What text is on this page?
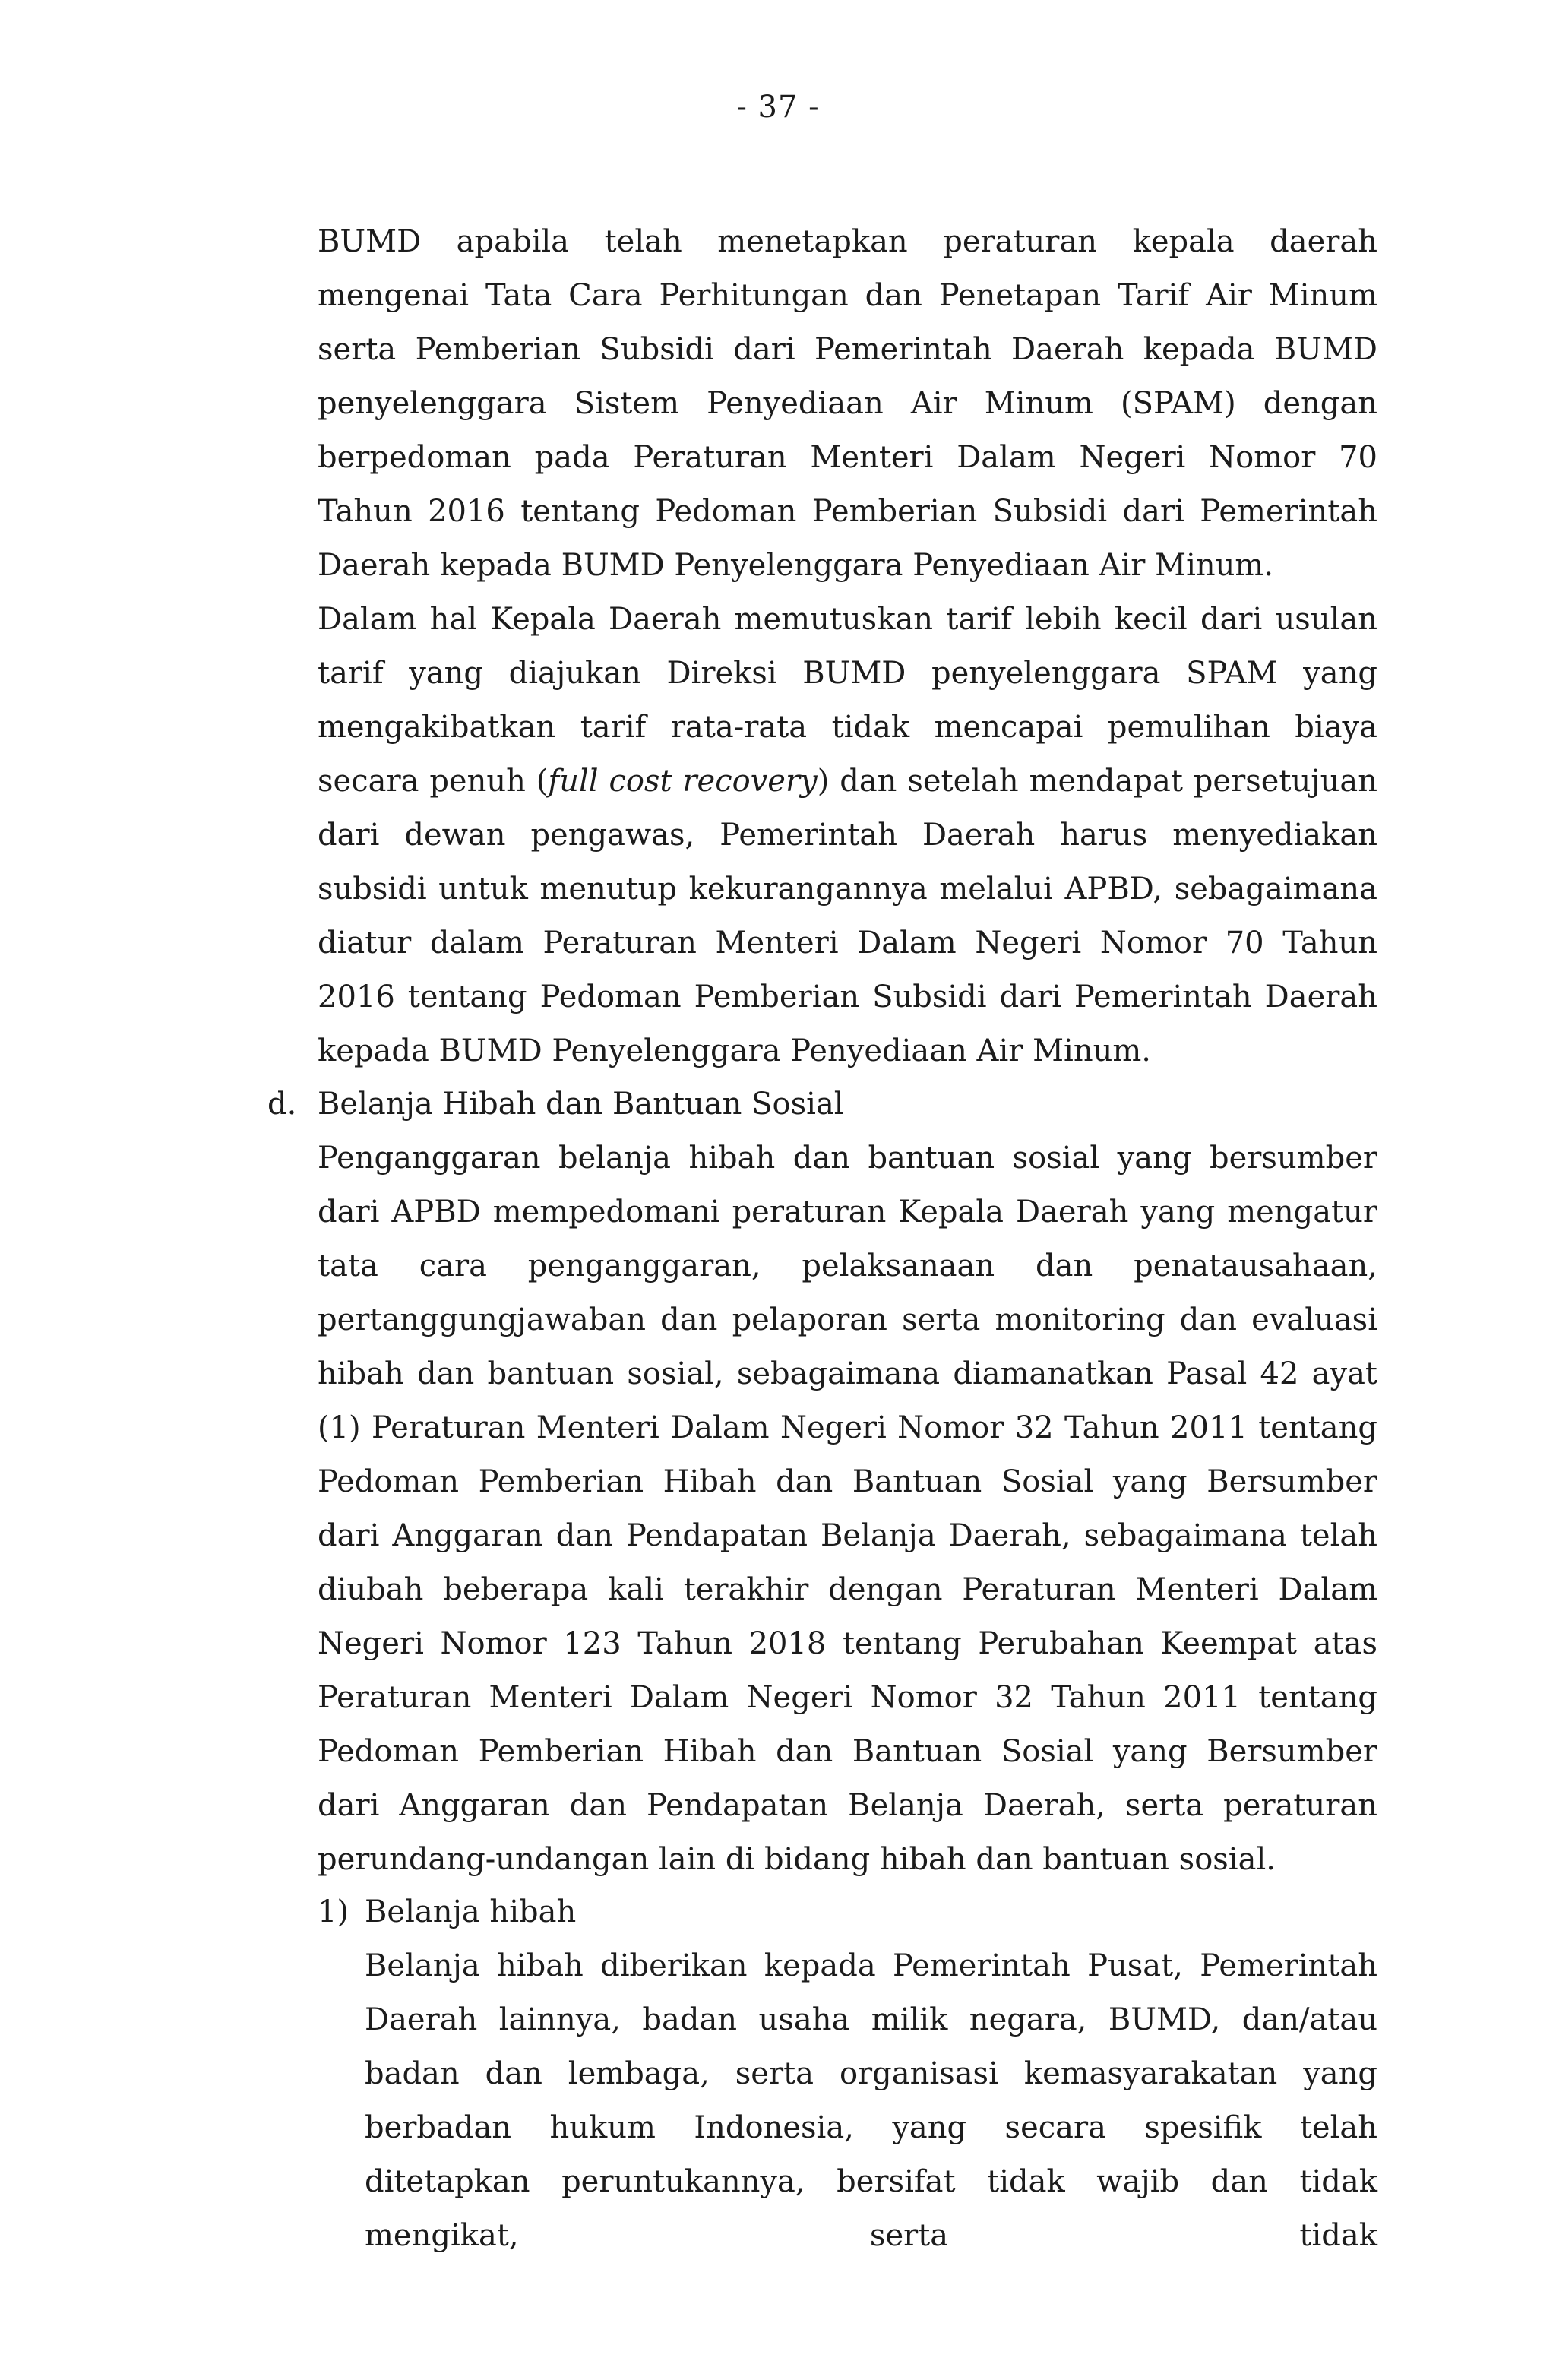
- 37 -

BUMD apabila telah menetapkan peraturan kepala daerah mengenai Tata Cara Perhitungan dan Penetapan Tarif Air Minum serta Pemberian Subsidi dari Pemerintah Daerah kepada BUMD penyelenggara Sistem Penyediaan Air Minum (SPAM) dengan berpedoman pada Peraturan Menteri Dalam Negeri Nomor 70 Tahun 2016 tentang Pedoman Pemberian Subsidi dari Pemerintah Daerah kepada BUMD Penyelenggara Penyediaan Air Minum.

Dalam hal Kepala Daerah memutuskan tarif lebih kecil dari usulan tarif yang diajukan Direksi BUMD penyelenggara SPAM yang mengakibatkan tarif rata-rata tidak mencapai pemulihan biaya secara penuh (full cost recovery) dan setelah mendapat persetujuan dari dewan pengawas, Pemerintah Daerah harus menyediakan subsidi untuk menutup kekurangannya melalui APBD, sebagaimana diatur dalam Peraturan Menteri Dalam Negeri Nomor 70 Tahun 2016 tentang Pedoman Pemberian Subsidi dari Pemerintah Daerah kepada BUMD Penyelenggara Penyediaan Air Minum.

d. Belanja Hibah dan Bantuan Sosial

Penganggaran belanja hibah dan bantuan sosial yang bersumber dari APBD mempedomani peraturan Kepala Daerah yang mengatur tata cara penganggaran, pelaksanaan dan penatausahaan, pertanggungjawaban dan pelaporan serta monitoring dan evaluasi hibah dan bantuan sosial, sebagaimana diamanatkan Pasal 42 ayat (1) Peraturan Menteri Dalam Negeri Nomor 32 Tahun 2011 tentang Pedoman Pemberian Hibah dan Bantuan Sosial yang Bersumber dari Anggaran dan Pendapatan Belanja Daerah, sebagaimana telah diubah beberapa kali terakhir dengan Peraturan Menteri Dalam Negeri Nomor 123 Tahun 2018 tentang Perubahan Keempat atas Peraturan Menteri Dalam Negeri Nomor 32 Tahun 2011 tentang Pedoman Pemberian Hibah dan Bantuan Sosial yang Bersumber dari Anggaran dan Pendapatan Belanja Daerah, serta peraturan perundang-undangan lain di bidang hibah dan bantuan sosial.

1) Belanja hibah

Belanja hibah diberikan kepada Pemerintah Pusat, Pemerintah Daerah lainnya, badan usaha milik negara, BUMD, dan/atau badan dan lembaga, serta organisasi kemasyarakatan yang berbadan hukum Indonesia, yang secara spesifik telah ditetapkan peruntukannya, bersifat tidak wajib dan tidak mengikat, serta tidak
